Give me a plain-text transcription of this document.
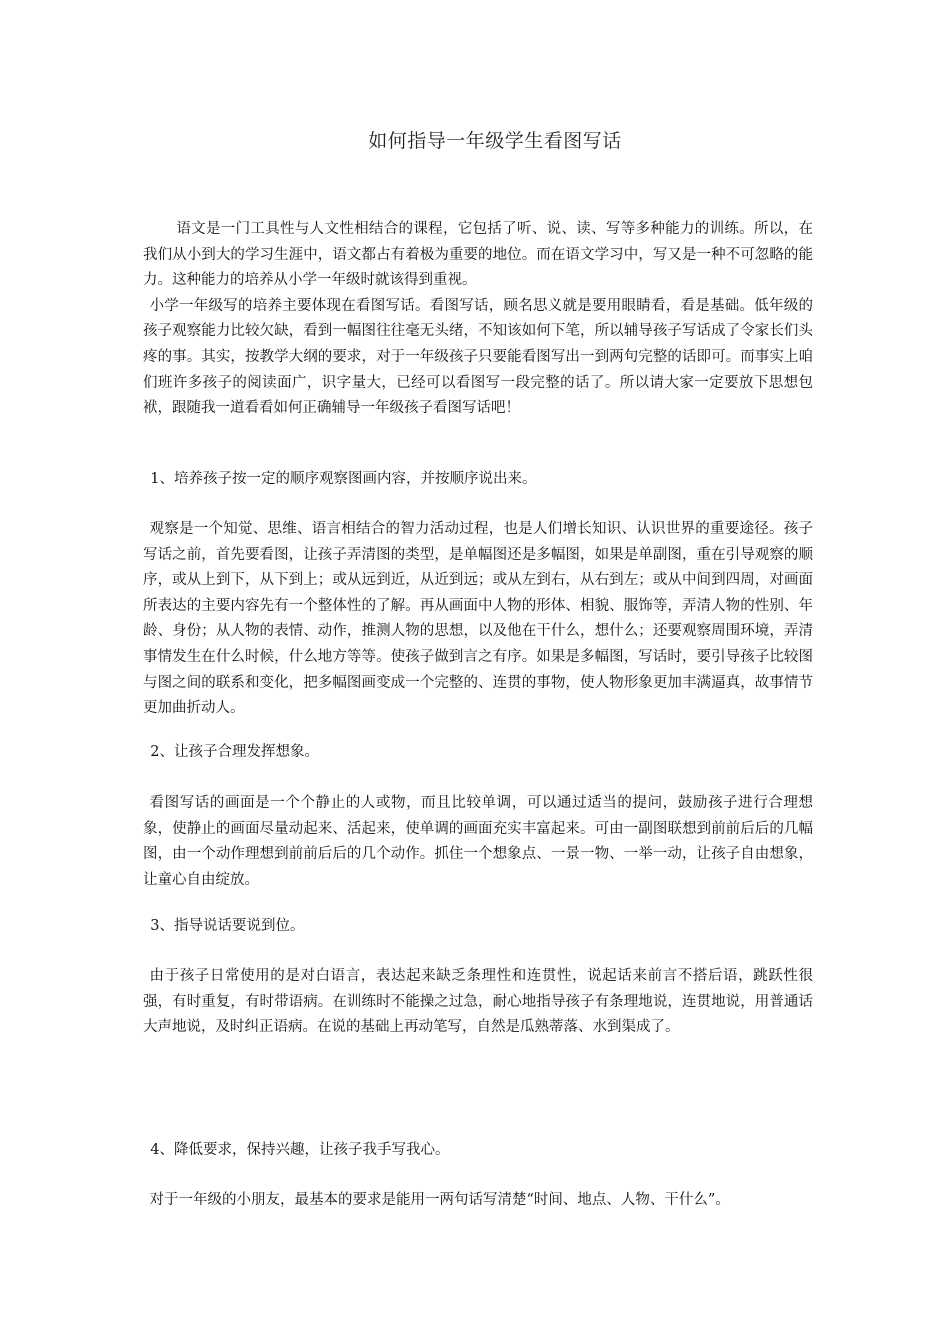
如何指导一年级学生看图写话

语文是一门工具性与人文性相结合的课程，它包括了听、说、读、写等多种能力的训练。所以，在我们从小到大的学习生涯中，语文都占有着极为重要的地位。而在语文学习中，写又是一种不可忽略的能力。这种能力的培养从小学一年级时就该得到重视。

小学一年级写的培养主要体现在看图写话。看图写话，顾名思义就是要用眼睛看，看是基础。低年级的孩子观察能力比较欠缺，看到一幅图往往毫无头绪，不知该如何下笔，所以辅导孩子写话成了令家长们头疼的事。其实，按教学大纲的要求，对于一年级孩子只要能看图写出一到两句完整的话即可。而事实上咱们班许多孩子的阅读面广，识字量大，已经可以看图写一段完整的话了。所以请大家一定要放下思想包袱，跟随我一道看看如何正确辅导一年级孩子看图写话吧！

1、培养孩子按一定的顺序观察图画内容，并按顺序说出来。
观察是一个知觉、思维、语言相结合的智力活动过程，也是人们增长知识、认识世界的重要途径。孩子写话之前，首先要看图，让孩子弄清图的类型，是单幅图还是多幅图，如果是单副图，重在引导观察的顺序，或从上到下，从下到上；或从远到近，从近到远；或从左到右，从右到左；或从中间到四周，对画面所表达的主要内容先有一个整体性的了解。再从画面中人物的形体、相貌、服饰等，弄清人物的性别、年龄、身份；从人物的表情、动作，推测人物的思想，以及他在干什么，想什么；还要观察周围环境，弄清事情发生在什么时候，什么地方等等。使孩子做到言之有序。如果是多幅图，写话时，要引导孩子比较图与图之间的联系和变化，把多幅图画变成一个完整的、连贯的事物，使人物形象更加丰满逼真，故事情节更加曲折动人。
2、让孩子合理发挥想象。
看图写话的画面是一个个静止的人或物，而且比较单调，可以通过适当的提问，鼓励孩子进行合理想象，使静止的画面尽量动起来、活起来，使单调的画面充实丰富起来。可由一副图联想到前前后后的几幅图，由一个动作理想到前前后后的几个动作。抓住一个想象点、一景一物、一举一动，让孩子自由想象，让童心自由绽放。
3、指导说话要说到位。
由于孩子日常使用的是对白语言，表达起来缺乏条理性和连贯性，说起话来前言不搭后语，跳跃性很强，有时重复，有时带语病。在训练时不能操之过急，耐心地指导孩子有条理地说，连贯地说，用普通话大声地说，及时纠正语病。在说的基础上再动笔写，自然是瓜熟蒂落、水到渠成了。
4、降低要求，保持兴趣，让孩子我手写我心。
对于一年级的小朋友，最基本的要求是能用一两句话写清楚“时间、地点、人物、干什么”。
